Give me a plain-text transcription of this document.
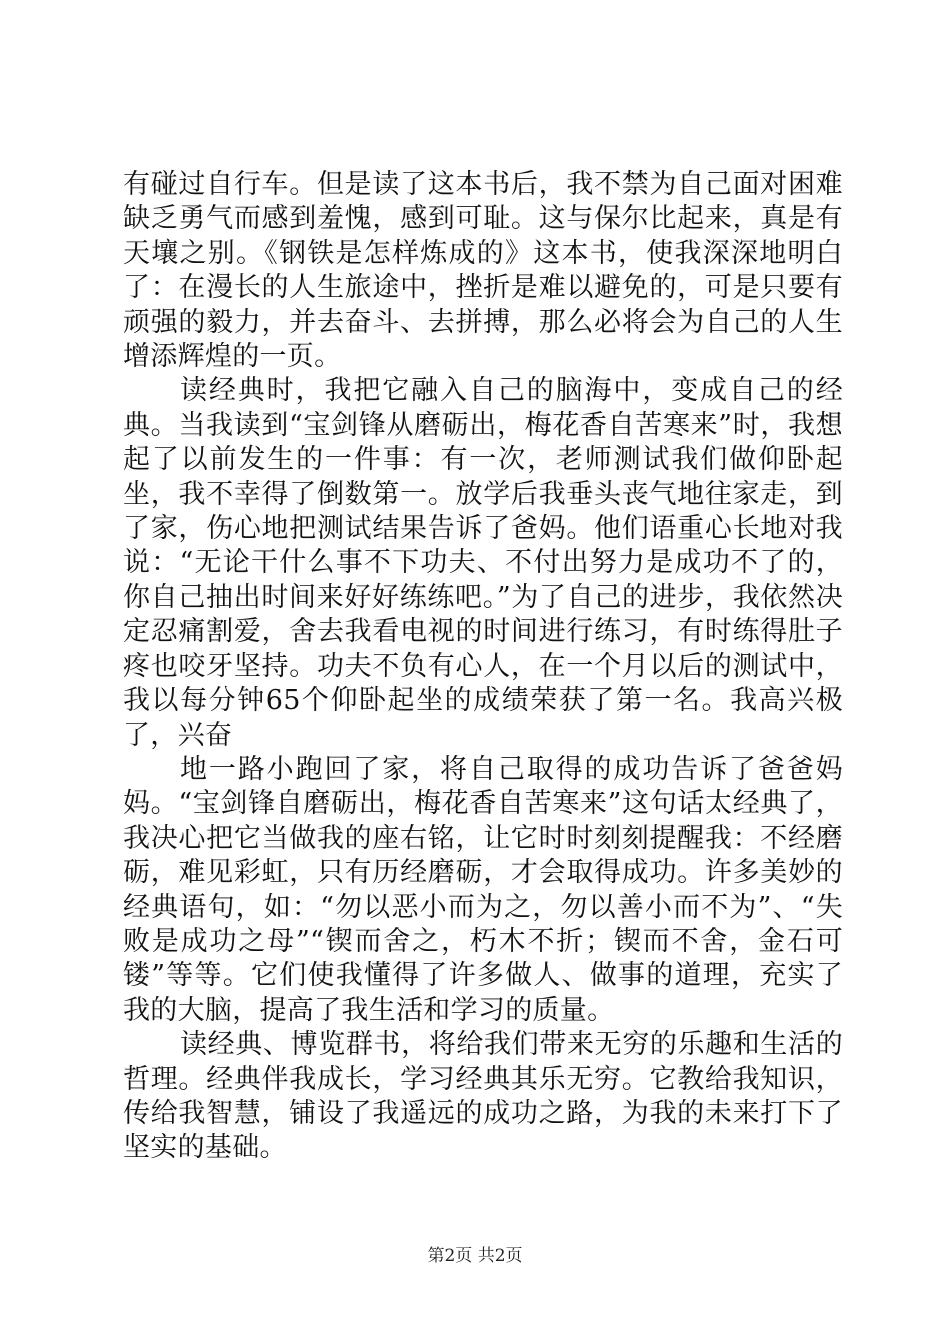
有碰过自行车。但是读了这本书后，我不禁为自己面对困难缺乏勇气而感到羞愧，感到可耻。这与保尔比起来，真是有天壤之别。《钢铁是怎样炼成的》这本书，使我深深地明白了：在漫长的人生旅途中，挫折是难以避免的，可是只要有顽强的毅力，并去奋斗、去拼搏，那么必将会为自己的人生增添辉煌的一页。

读经典时，我把它融入自己的脑海中，变成自己的经典。当我读到“宝剑锋从磨砺出，梅花香自苦寒来”时，我想起了以前发生的一件事：有一次，老师测试我们做仰卧起坐，我不幸得了倒数第一。放学后我垂头丧气地往家走，到了家，伤心地把测试结果告诉了爸妈。他们语重心长地对我说：“无论干什么事不下功夫、不付出努力是成功不了的，你自己抽出时间来好好练练吧。”为了自己的进步，我依然决定忍痛割爱，舍去我看电视的时间进行练习，有时练得肚子疼也咬牙坚持。功夫不负有心人，在一个月以后的测试中，我以每分钟65个仰卧起坐的成绩荣获了第一名。我高兴极了，兴奋

地一路小跑回了家，将自己取得的成功告诉了爸爸妈妈。“宝剑锋自磨砺出，梅花香自苦寒来”这句话太经典了，我决心把它当做我的座右铭，让它时时刻刻提醒我：不经磨砺，难见彩虹，只有历经磨砺，才会取得成功。许多美妙的经典语句，如：“勿以恶小而为之，勿以善小而不为”、“失败是成功之母”“锲而舍之，朽木不折；锲而不舍，金石可镂”等等。它们使我懂得了许多做人、做事的道理，充实了我的大脑，提高了我生活和学习的质量。

读经典、博览群书，将给我们带来无穷的乐趣和生活的哲理。经典伴我成长，学习经典其乐无穷。它教给我知识，传给我智慧，铺设了我遥远的成功之路，为我的未来打下了坚实的基础。

第2页 共2页
